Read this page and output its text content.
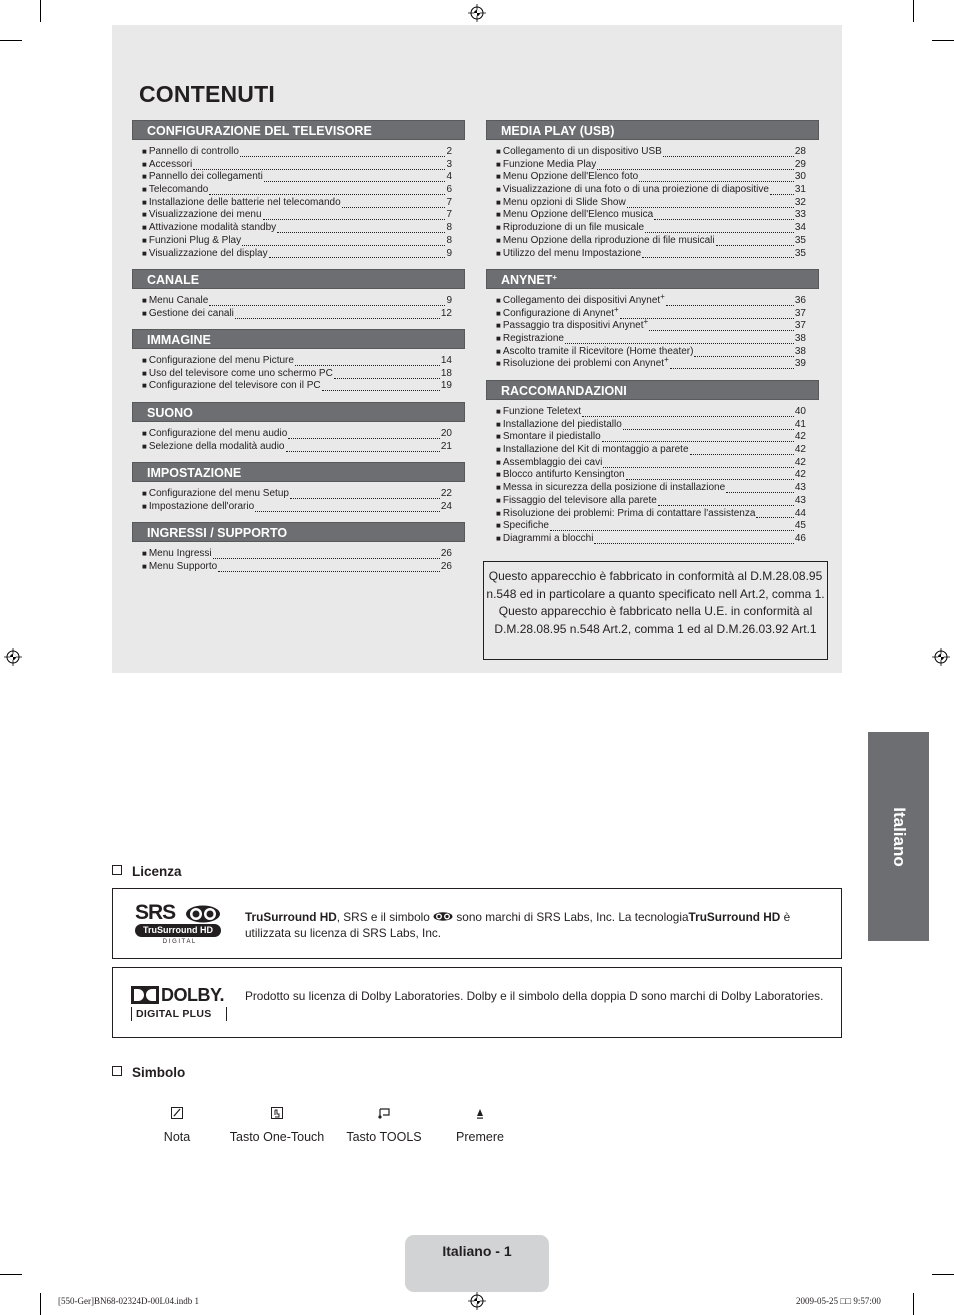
CONTENUTI
CONFIGURAZIONE DEL TELEVISORE
■ Pannello di controllo	2
■ Accessori	3
■ Pannello dei collegamenti	4
■ Telecomando	6
■ Installazione delle batterie nel telecomando	7
■ Visualizzazione dei menu	7
■ Attivazione modalità standby	8
■ Funzioni Plug & Play	8
■ Visualizzazione del display	9
CANALE
■ Menu Canale	9
■ Gestione dei canali	12
IMMAGINE
■ Configurazione del menu Picture	14
■ Uso del televisore come uno schermo PC	18
■ Configurazione del televisore con il PC	19
SUONO
■ Configurazione del menu audio	20
■ Selezione della modalità audio	21
IMPOSTAZIONE
■ Configurazione del menu Setup	22
■ Impostazione dell'orario	24
INGRESSI / SUPPORTO
■ Menu Ingressi	26
■ Menu Supporto	26
MEDIA PLAY (USB)
■ Collegamento di un dispositivo USB	28
■ Funzione Media Play	29
■ Menu Opzione dell'Elenco foto	30
■ Visualizzazione di una foto o di una proiezione di diapositive	31
■ Menu opzioni di Slide Show	32
■ Menu Opzione dell'Elenco musica	33
■ Riproduzione di un file musicale	34
■ Menu Opzione della riproduzione di file musicali	35
■ Utilizzo del menu Impostazione	35
ANYNET+
■ Collegamento dei dispositivi Anynet+	36
■ Configurazione di Anynet+	37
■ Passaggio tra dispositivi Anynet+	37
■ Registrazione	38
■ Ascolto tramite il Ricevitore (Home theater)	38
■ Risoluzione dei problemi con Anynet+	39
RACCOMANDAZIONI
■ Funzione Teletext	40
■ Installazione del piedistallo	41
■ Smontare il piedistallo	42
■ Installazione del Kit di montaggio a parete	42
■ Assemblaggio dei cavi	42
■ Blocco antifurto Kensington	42
■ Messa in sicurezza della posizione di installazione	43
■ Fissaggio del televisore alla parete	43
■ Risoluzione dei problemi: Prima di contattare l'assistenza	44
■ Specifiche	45
■ Diagrammi a blocchi	46
Questo apparecchio è fabbricato in conformità al D.M.28.08.95 n.548 ed in particolare a quanto specificato nell Art.2, comma 1. Questo apparecchio è fabbricato nella U.E. in conformità al D.M.28.08.95 n.548 Art.2, comma 1 ed al D.M.26.03.92 Art.1
Italiano
Licenza
SRS
TruSurround HD
D I G I T A L
TruSurround HD, SRS e il simbolo  sono marchi di SRS Labs, Inc. La tecnologiaTruSurround HD è utilizzata su licenza di SRS Labs, Inc.
DOLBY.
DIGITAL PLUS
Prodotto su licenza di Dolby Laboratories. Dolby e il simbolo della doppia D sono marchi di Dolby Laboratories.
Simbolo
Nota	Tasto One-Touch Tasto TOOLS	Premere
Italiano - 1
[550-Ger]BN68-02324D-00L04.indb 1	2009-05-25 □□ 9:57:00
